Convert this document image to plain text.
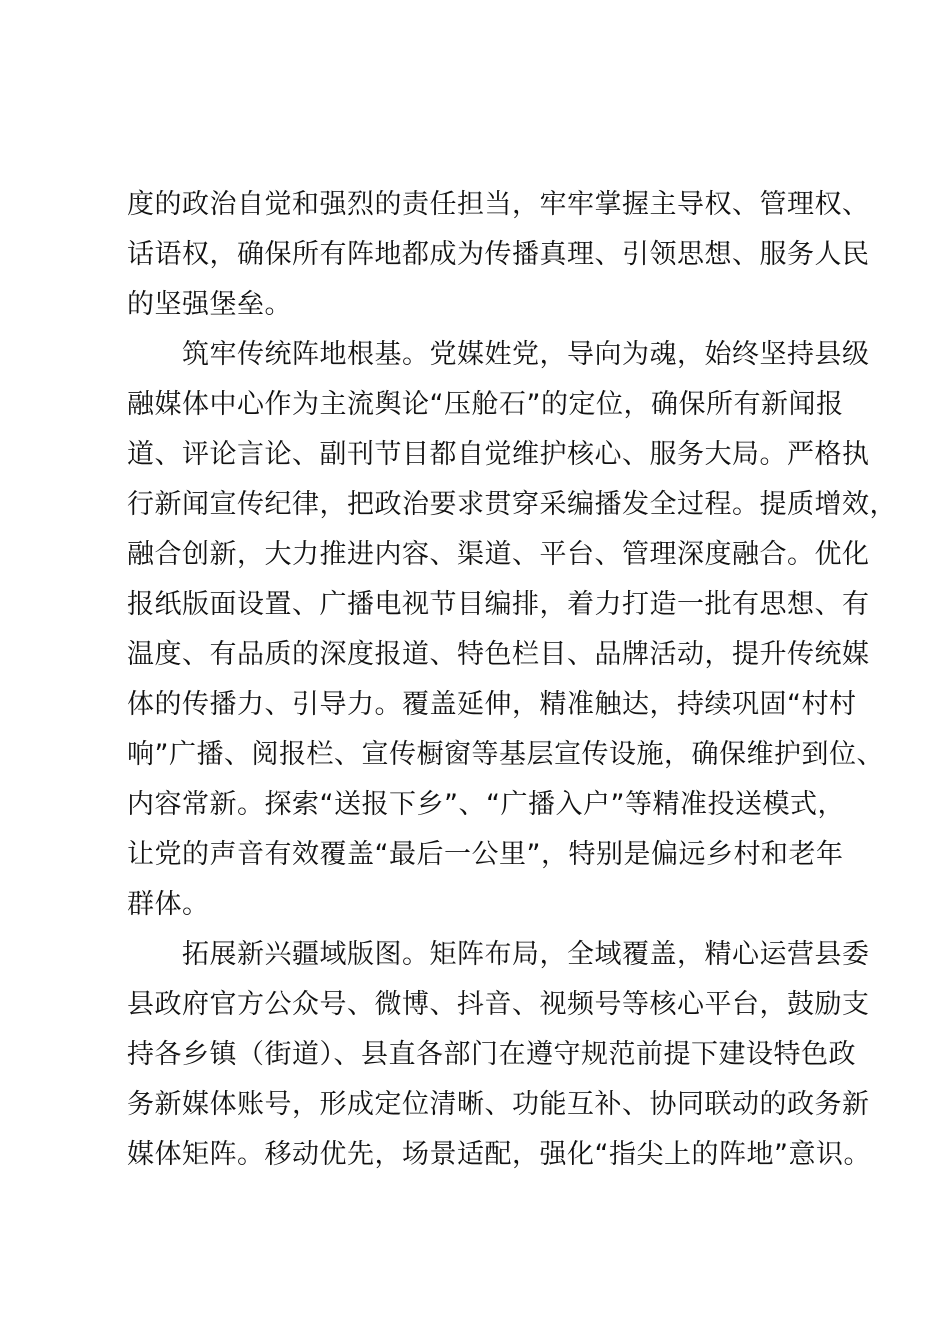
度的政治自觉和强烈的责任担当，牢牢掌握主导权、管理权、
话语权，确保所有阵地都成为传播真理、引领思想、服务人民
的坚强堡垒。
　　筑牢传统阵地根基。党媒姓党，导向为魂，始终坚持县级
融媒体中心作为主流舆论“压舱石”的定位，确保所有新闻报
道、评论言论、副刊节目都自觉维护核心、服务大局。严格执
行新闻宣传纪律，把政治要求贯穿采编播发全过程。提质增效，
融合创新，大力推进内容、渠道、平台、管理深度融合。优化
报纸版面设置、广播电视节目编排，着力打造一批有思想、有
温度、有品质的深度报道、特色栏目、品牌活动，提升传统媒
体的传播力、引导力。覆盖延伸，精准触达，持续巩固“村村
响”广播、阅报栏、宣传橱窗等基层宣传设施，确保维护到位、
内容常新。探索“送报下乡”、“广播入户”等精准投送模式，
让党的声音有效覆盖“最后一公里”，特别是偏远乡村和老年
群体。
　　拓展新兴疆域版图。矩阵布局，全域覆盖，精心运营县委
县政府官方公众号、微博、抖音、视频号等核心平台，鼓励支
持各乡镇（街道）、县直各部门在遵守规范前提下建设特色政
务新媒体账号，形成定位清晰、功能互补、协同联动的政务新
媒体矩阵。移动优先，场景适配，强化“指尖上的阵地”意识。
